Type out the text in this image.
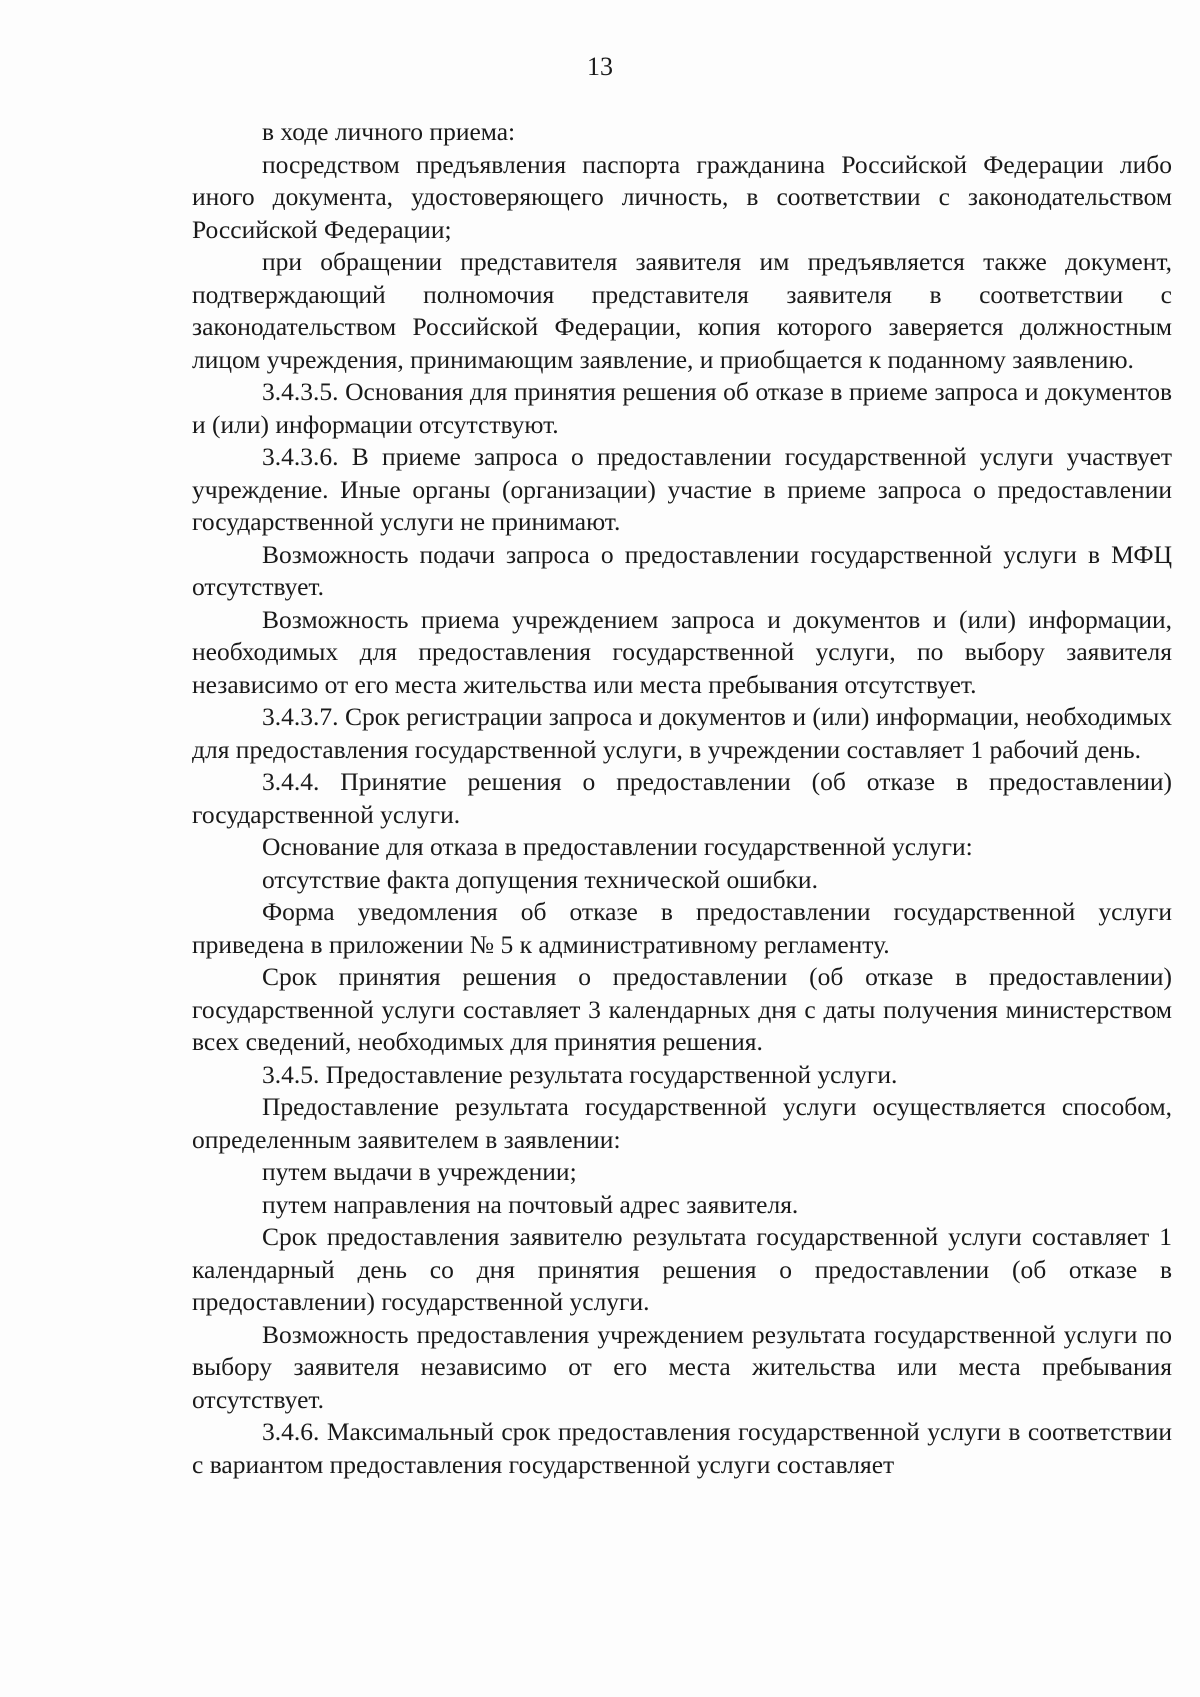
13

в ходе личного приема:

посредством предъявления паспорта гражданина Российской Федерации либо иного документа, удостоверяющего личность, в соответствии с законодательством Российской Федерации;

при обращении представителя заявителя им предъявляется также документ, подтверждающий полномочия представителя заявителя в соответствии с законодательством Российской Федерации, копия которого заверяется должностным лицом учреждения, принимающим заявление, и приобщается к поданному заявлению.

3.4.3.5. Основания для принятия решения об отказе в приеме запроса и документов и (или) информации отсутствуют.

3.4.3.6. В приеме запроса о предоставлении государственной услуги участвует учреждение. Иные органы (организации) участие в приеме запроса о предоставлении государственной услуги не принимают.

Возможность подачи запроса о предоставлении государственной услуги в МФЦ отсутствует.

Возможность приема учреждением запроса и документов и (или) информации, необходимых для предоставления государственной услуги, по выбору заявителя независимо от его места жительства или места пребывания отсутствует.

3.4.3.7. Срок регистрации запроса и документов и (или) информации, необходимых для предоставления государственной услуги, в учреждении составляет 1 рабочий день.

3.4.4. Принятие решения о предоставлении (об отказе в предоставлении) государственной услуги.

Основание для отказа в предоставлении государственной услуги:

отсутствие факта допущения технической ошибки.

Форма уведомления об отказе в предоставлении государственной услуги приведена в приложении № 5 к административному регламенту.

Срок принятия решения о предоставлении (об отказе в предоставлении) государственной услуги составляет 3 календарных дня с даты получения министерством всех сведений, необходимых для принятия решения.

3.4.5. Предоставление результата государственной услуги.

Предоставление результата государственной услуги осуществляется способом, определенным заявителем в заявлении:

путем выдачи в учреждении;

путем направления на почтовый адрес заявителя.

Срок предоставления заявителю результата государственной услуги составляет 1 календарный день со дня принятия решения о предоставлении (об отказе в предоставлении) государственной услуги.

Возможность предоставления учреждением результата государственной услуги по выбору заявителя независимо от его места жительства или места пребывания отсутствует.

3.4.6. Максимальный срок предоставления государственной услуги в соответствии с вариантом предоставления государственной услуги составляет
